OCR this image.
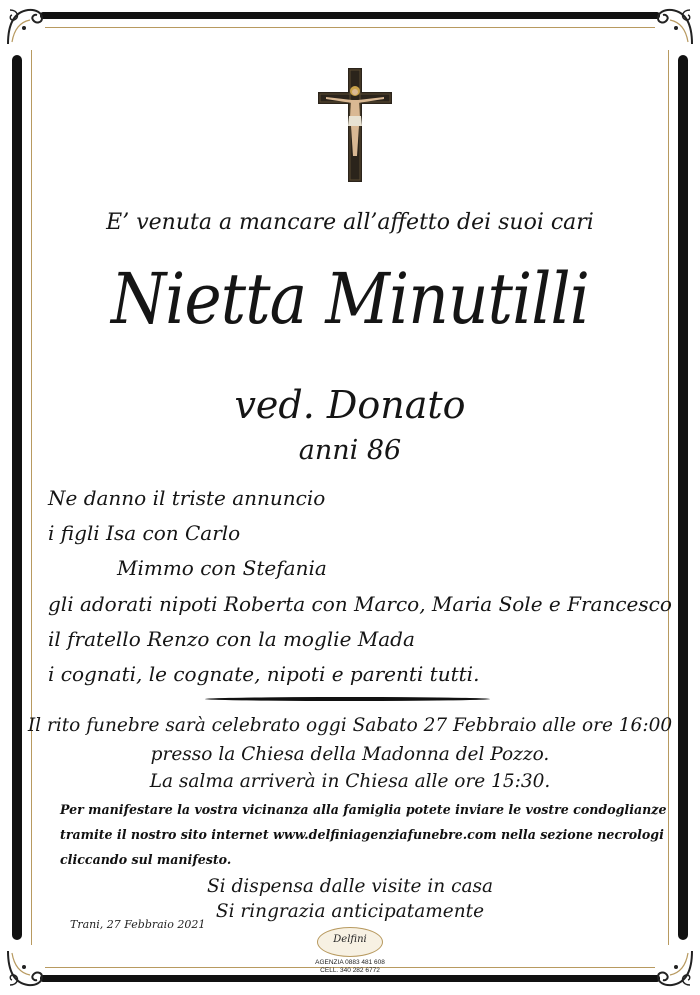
E’ venuta a mancare all’affetto dei suoi cari
Nietta Minutilli
ved. Donato
anni 86
Ne danno il triste annuncio
i figli Isa con Carlo
Mimmo con Stefania
gli adorati nipoti Roberta con Marco, Maria Sole e Francesco
il fratello Renzo con la moglie Mada
i cognati, le cognate, nipoti e parenti tutti.
Il rito funebre sarà celebrato oggi Sabato 27 Febbraio alle ore 16:00
presso la Chiesa della Madonna del Pozzo.
La salma arriverà in Chiesa alle ore 15:30.
Per manifestare la vostra vicinanza alla famiglia potete inviare le vostre condoglianze
tramite il nostro sito internet www.delfiniagenziafunebre.com nella sezione necrologi
cliccando sul manifesto.
Si dispensa dalle visite in casa
Si ringrazia anticipatamente
Trani, 27 Febbraio 2021
Delfini
AGENZIA 0883 481 608
CELL. 340 282 6772
